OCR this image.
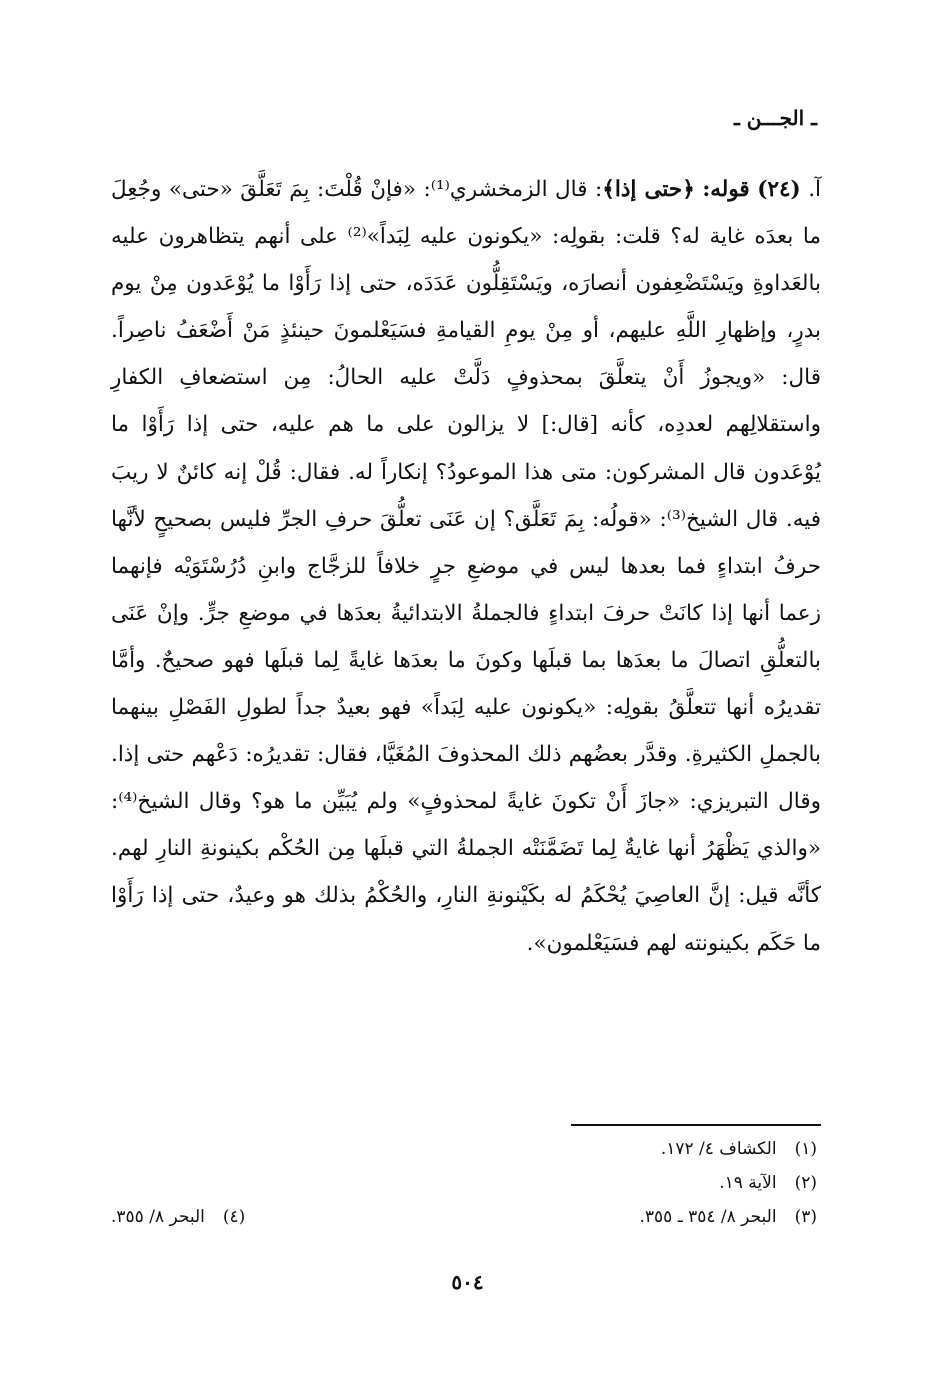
ـ الجـــن ـ
آ. (٢٤) قوله: ﴿حتى إذا﴾: قال الزمخشري⁽¹⁾: «فإنْ قُلْتَ: بِمَ تَعَلَّقَ «حتى» وجُعِلَ ما بعدَه غاية له؟ قلت: بقولِه: «يكونون عليه لِبَداً»⁽²⁾ على أنهم يتظاهرون عليه بالعَداوةِ ويَسْتَضْعِفون أنصارَه، ويَسْتَقِلُّون عَدَدَه، حتى إذا رَأَوْا ما يُوْعَدون مِنْ يوم بدرٍ، وإظهارِ اللَّهِ عليهم، أو مِنْ يومِ القيامةِ فسَيَعْلمونَ حينئذٍ مَنْ أَضْعَفُ ناصِراً. قال: «ويجوزُ أَنْ يتعلَّقَ بمحذوفٍ دَلَّتْ عليه الحالُ: مِن استضعافِ الكفارِ واستقلالِهم لعددِه، كأنه [قال:] لا يزالون على ما هم عليه، حتى إذا رَأَوْا ما يُوْعَدون قال المشركون: متى هذا الموعودُ؟ إنكاراً له. فقال: قُلْ إنه كائنٌ لا ريبَ فيه. قال الشيخ⁽³⁾: «قولُه: بِمَ تَعَلَّق؟ إن عَنَى تعلُّقَ حرفِ الجرِّ فليس بصحيحٍ لأنَّها حرفُ ابتداءٍ فما بعدها ليس في موضعِ جرٍ خلافاً للزجَّاج وابنِ دُرُسْتَوَيْه فإنهما زعما أنها إذا كانَتْ حرفَ ابتداءٍ فالجملةُ الابتدائيةُ بعدَها في موضعِ جرٍّ. وإنْ عَنَى بالتعلُّقِ اتصالَ ما بعدَها بما قبلَها وكونَ ما بعدَها غايةً لِما قبلَها فهو صحيحٌ. وأمَّا تقديرُه أنها تتعلَّقُ بقولِه: «يكونون عليه لِبَداً» فهو بعيدٌ جداً لطولِ الفَصْلِ بينهما بالجملِ الكثيرةِ. وقدَّر بعضُهم ذلك المحذوفَ المُغَيَّا، فقال: تقديرُه: دَعْهم حتى إذا. وقال التبريزي: «جازَ أَنْ تكونَ غايةً لمحذوفٍ» ولم يُبَيِّن ما هو؟ وقال الشيخ⁽⁴⁾: «والذي يَظْهَرُ أنها غايةٌ لِما تَضَمَّنَتْه الجملةُ التي قبلَها مِن الحُكْم بكينونةِ النارِ لهم. كأنَّه قيل: إنَّ العاصِيَ يُحْكَمُ له بكَيْنونةِ النارِ، والحُكْمُ بذلك هو وعيدٌ، حتى إذا رَأَوْا ما حَكَم بكينونته لهم فسَيَعْلمون».
(١)الكشاف ٤/ ١٧٢.
(٢)الآية ١٩.
(٣)البحر ٨/ ٣٥٤ ـ ٣٥٥.
(٤)البحر ٨/ ٣٥٥.
٥٠٤
